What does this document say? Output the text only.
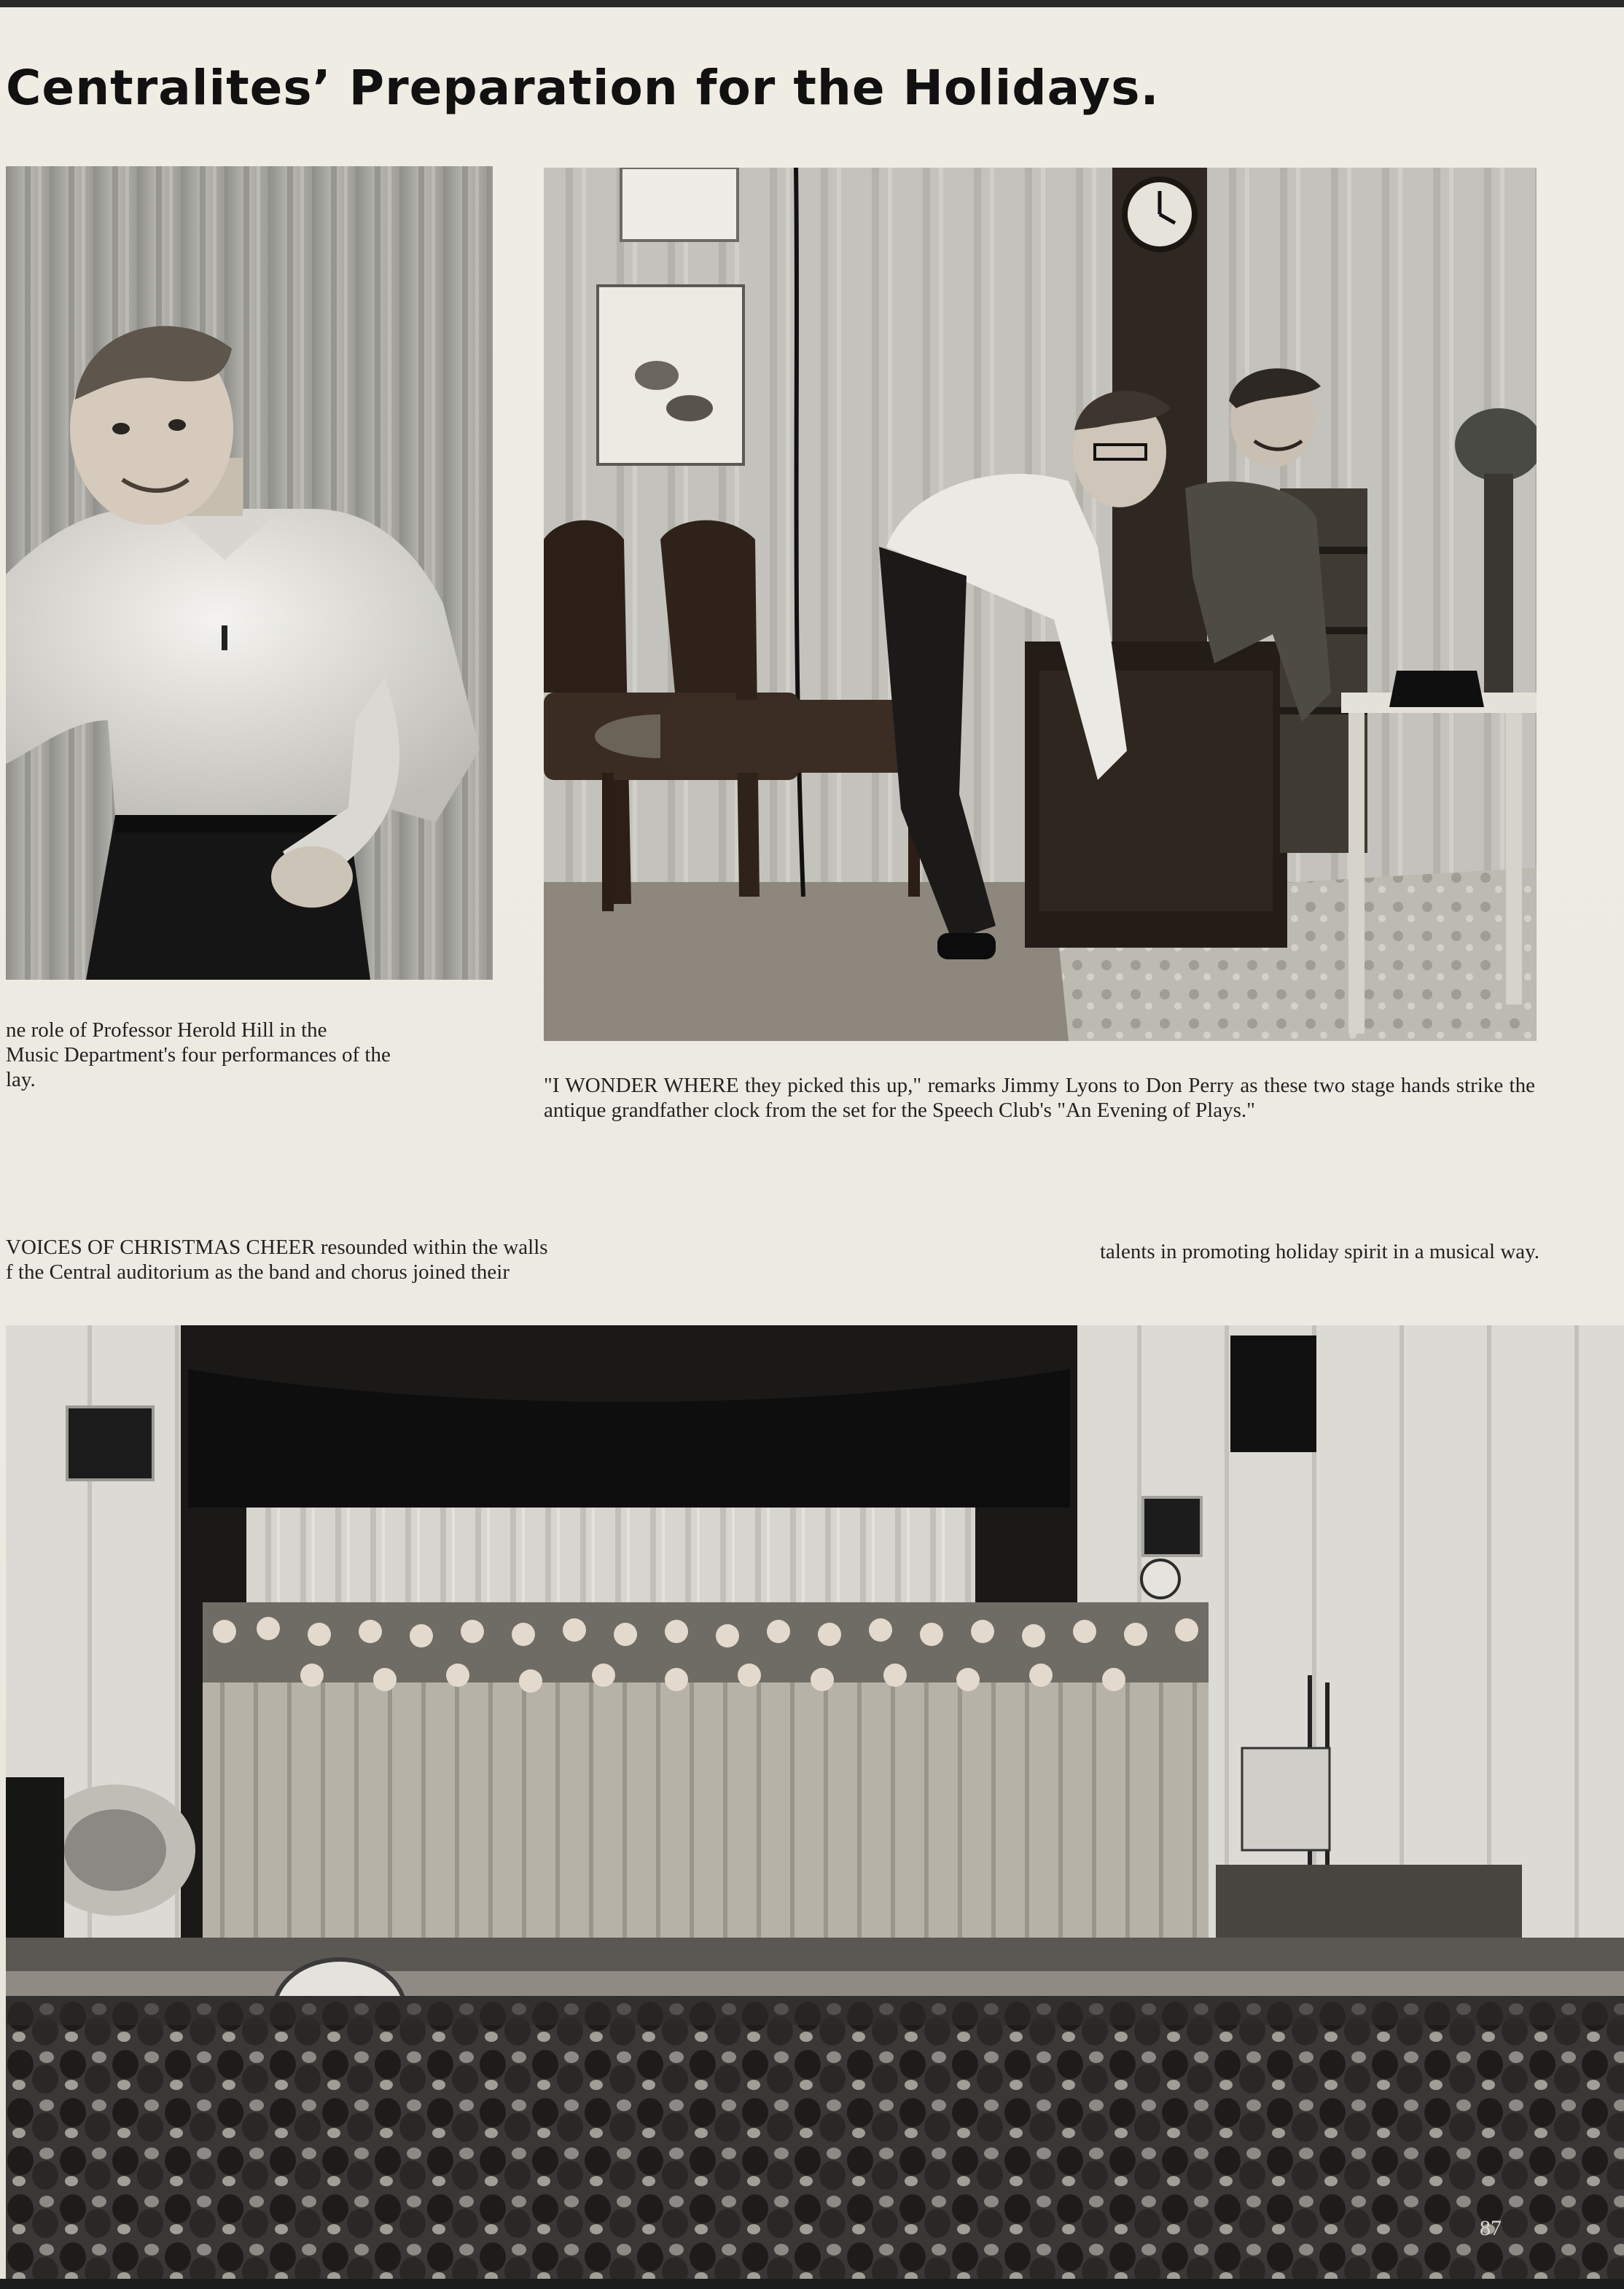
Centralites’ Preparation for the Holidays.

ne role of Professor Herold Hill in the
Music Department's four performances of the
lay.	"I WONDER WHERE they picked this up," remarks Jimmy Lyons to Don Perry as these two stage hands strike the antique grandfather clock from the set for the Speech Club's "An Evening of Plays."

VOICES OF CHRISTMAS CHEER resounded within the walls
f the Central auditorium as the band and chorus joined their

talents in promoting holiday spirit in a musical way.

87
